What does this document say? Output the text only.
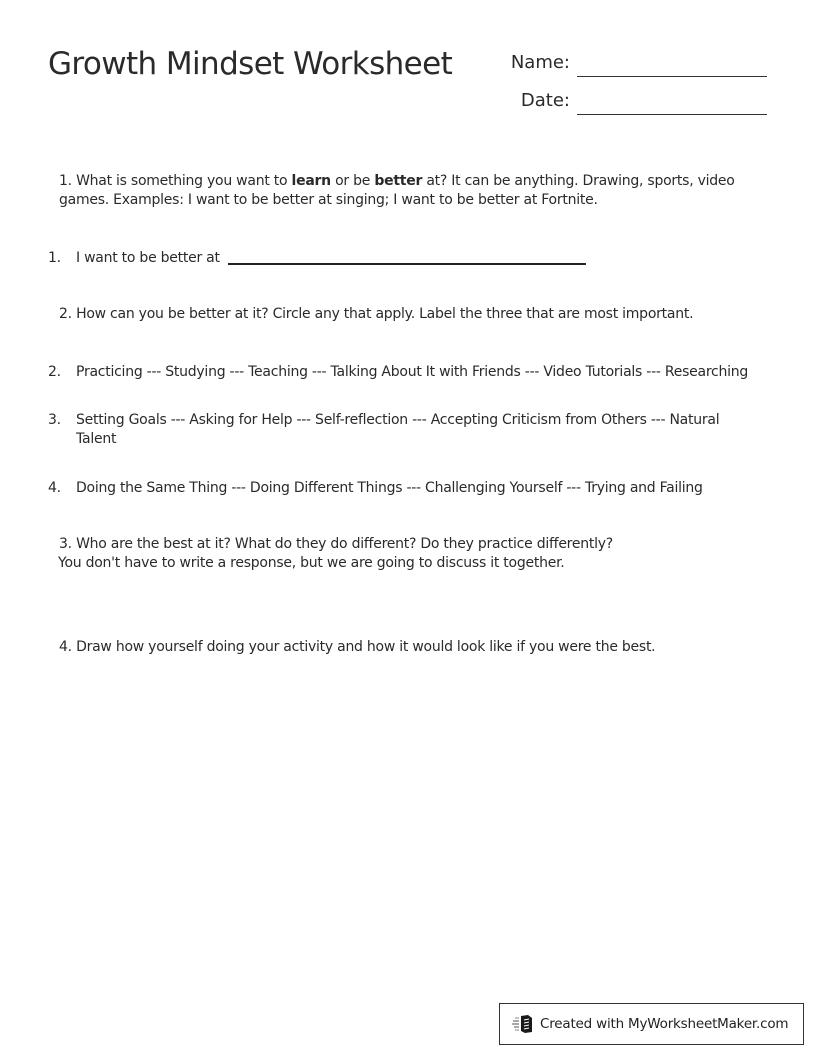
Growth Mindset Worksheet	Name:
Date:
1. What is something you want to learn or be better at? It can be anything. Drawing, sports, video games. Examples: I want to be better at singing; I want to be better at Fortnite.
1.	I want to be better at
2. How can you be better at it? Circle any that apply. Label the three that are most important.
2.	Practicing --- Studying --- Teaching --- Talking About It with Friends --- Video Tutorials --- Researching
3.	Setting Goals --- Asking for Help --- Self-reflection --- Accepting Criticism from Others --- Natural Talent
4.	Doing the Same Thing --- Doing Different Things --- Challenging Yourself --- Trying and Failing
3. Who are the best at it? What do they do different? Do they practice differently?
You don't have to write a response, but we are going to discuss it together.
4. Draw how yourself doing your activity and how it would look like if you were the best.
Created with MyWorksheetMaker.com
